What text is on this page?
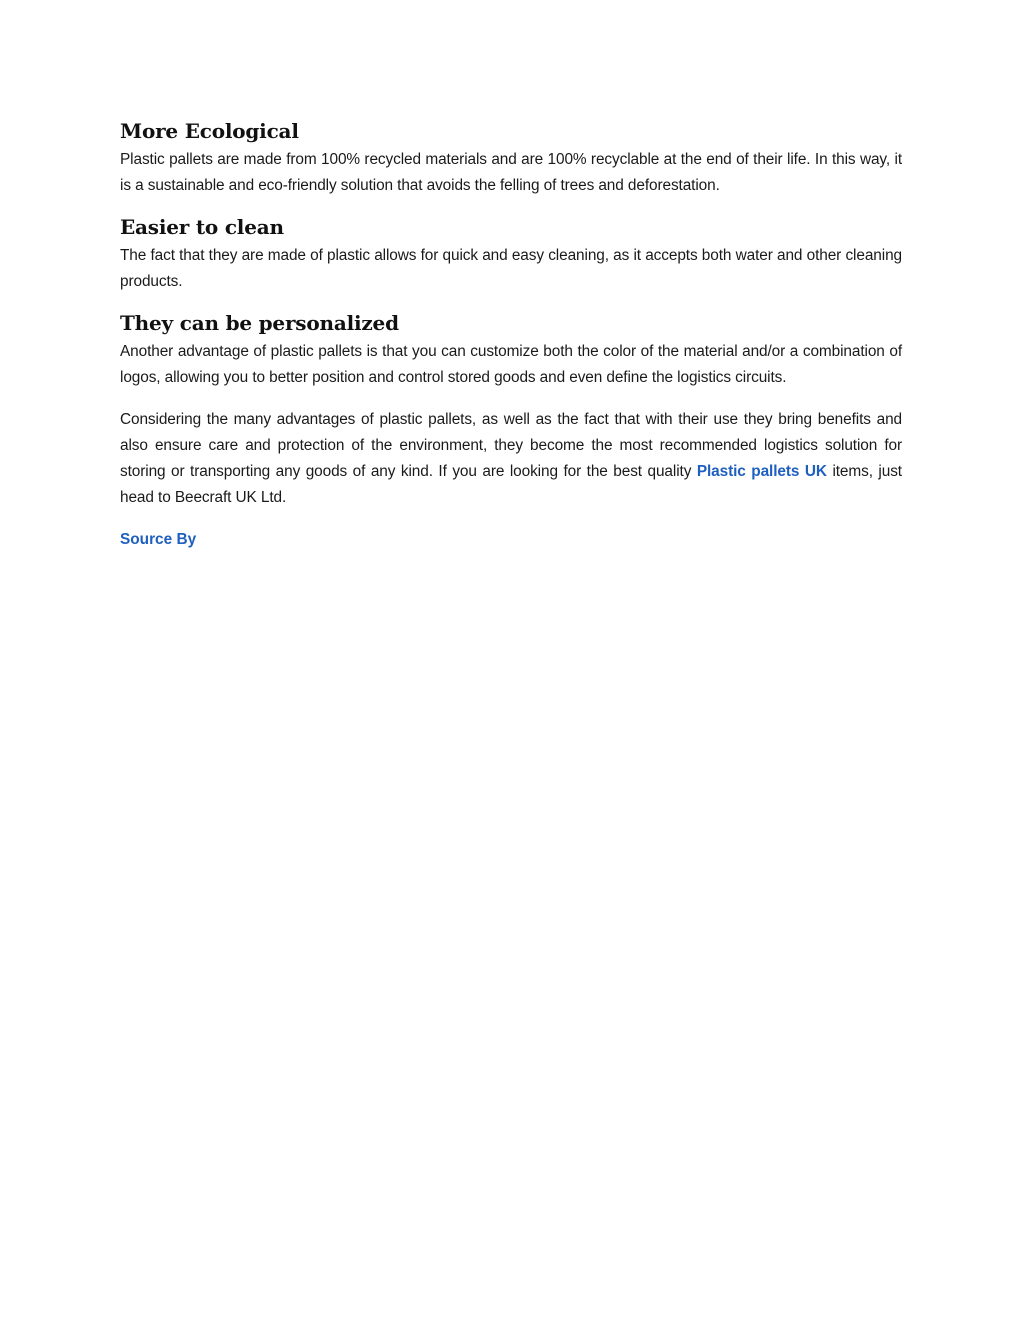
More Ecological

Plastic pallets are made from 100% recycled materials and are 100% recyclable at the end of their life. In this way, it is a sustainable and eco-friendly solution that avoids the felling of trees and deforestation.

Easier to clean

The fact that they are made of plastic allows for quick and easy cleaning, as it accepts both water and other cleaning products.

They can be personalized

Another advantage of plastic pallets is that you can customize both the color of the material and/or a combination of logos, allowing you to better position and control stored goods and even define the logistics circuits.

Considering the many advantages of plastic pallets, as well as the fact that with their use they bring benefits and also ensure care and protection of the environment, they become the most recommended logistics solution for storing or transporting any goods of any kind. If you are looking for the best quality Plastic pallets UK items, just head to Beecraft UK Ltd.

Source By
